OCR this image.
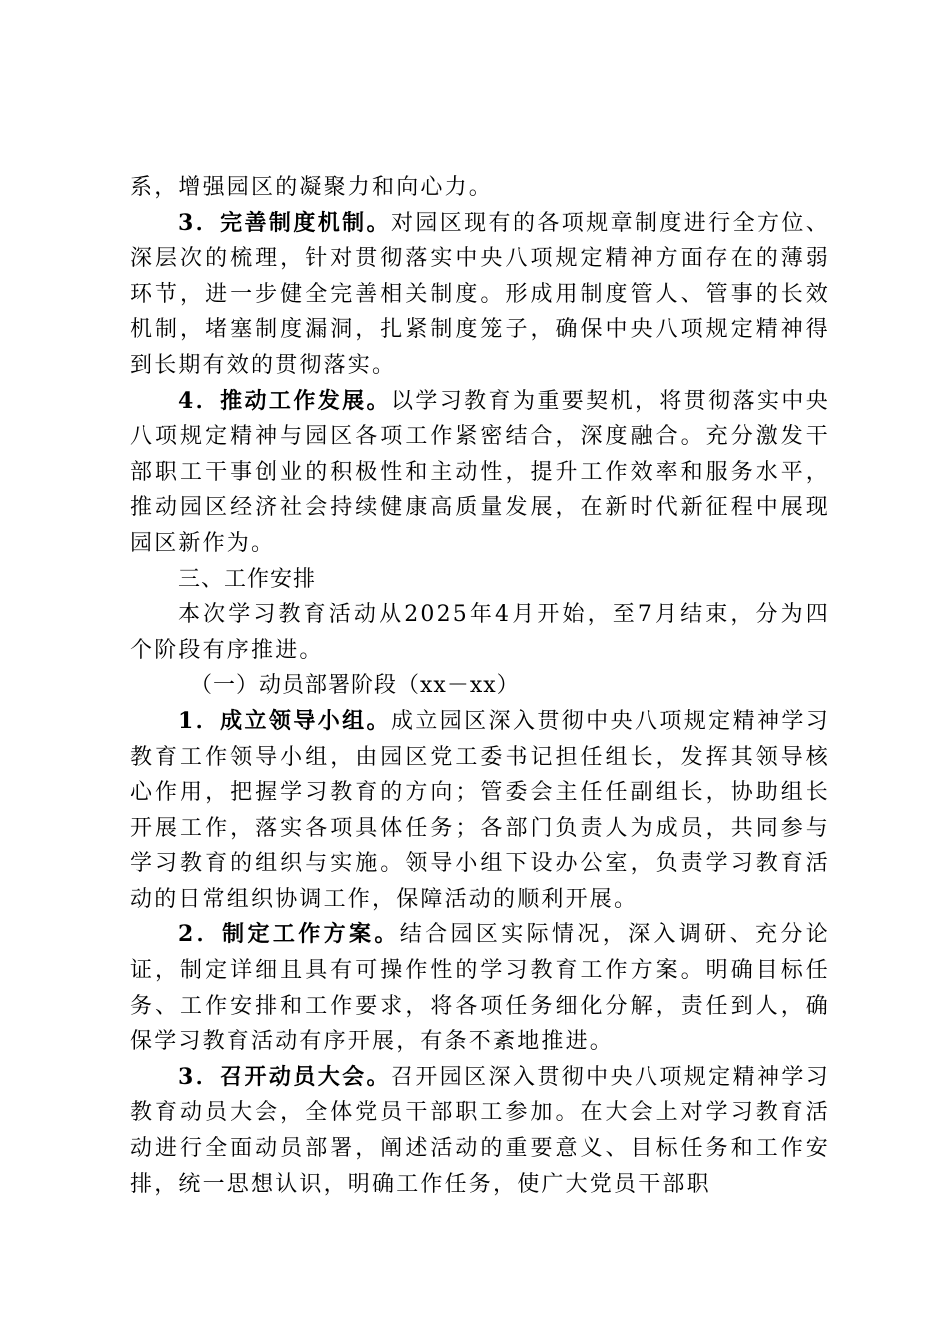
系，增强园区的凝聚力和向心力。

3．完善制度机制。对园区现有的各项规章制度进行全方位、深层次的梳理，针对贯彻落实中央八项规定精神方面存在的薄弱环节，进一步健全完善相关制度。形成用制度管人、管事的长效机制，堵塞制度漏洞，扎紧制度笼子，确保中央八项规定精神得到长期有效的贯彻落实。

4．推动工作发展。以学习教育为重要契机，将贯彻落实中央八项规定精神与园区各项工作紧密结合，深度融合。充分激发干部职工干事创业的积极性和主动性，提升工作效率和服务水平，推动园区经济社会持续健康高质量发展，在新时代新征程中展现园区新作为。

三、工作安排

本次学习教育活动从2025年4月开始，至7月结束，分为四个阶段有序推进。

（一）动员部署阶段（xx－xx）

1．成立领导小组。成立园区深入贯彻中央八项规定精神学习教育工作领导小组，由园区党工委书记担任组长，发挥其领导核心作用，把握学习教育的方向；管委会主任任副组长，协助组长开展工作，落实各项具体任务；各部门负责人为成员，共同参与学习教育的组织与实施。领导小组下设办公室，负责学习教育活动的日常组织协调工作，保障活动的顺利开展。

2．制定工作方案。结合园区实际情况，深入调研、充分论证，制定详细且具有可操作性的学习教育工作方案。明确目标任务、工作安排和工作要求，将各项任务细化分解，责任到人，确保学习教育活动有序开展，有条不紊地推进。

3．召开动员大会。召开园区深入贯彻中央八项规定精神学习教育动员大会，全体党员干部职工参加。在大会上对学习教育活动进行全面动员部署，阐述活动的重要意义、目标任务和工作安排，统一思想认识，明确工作任务，使广大党员干部职
